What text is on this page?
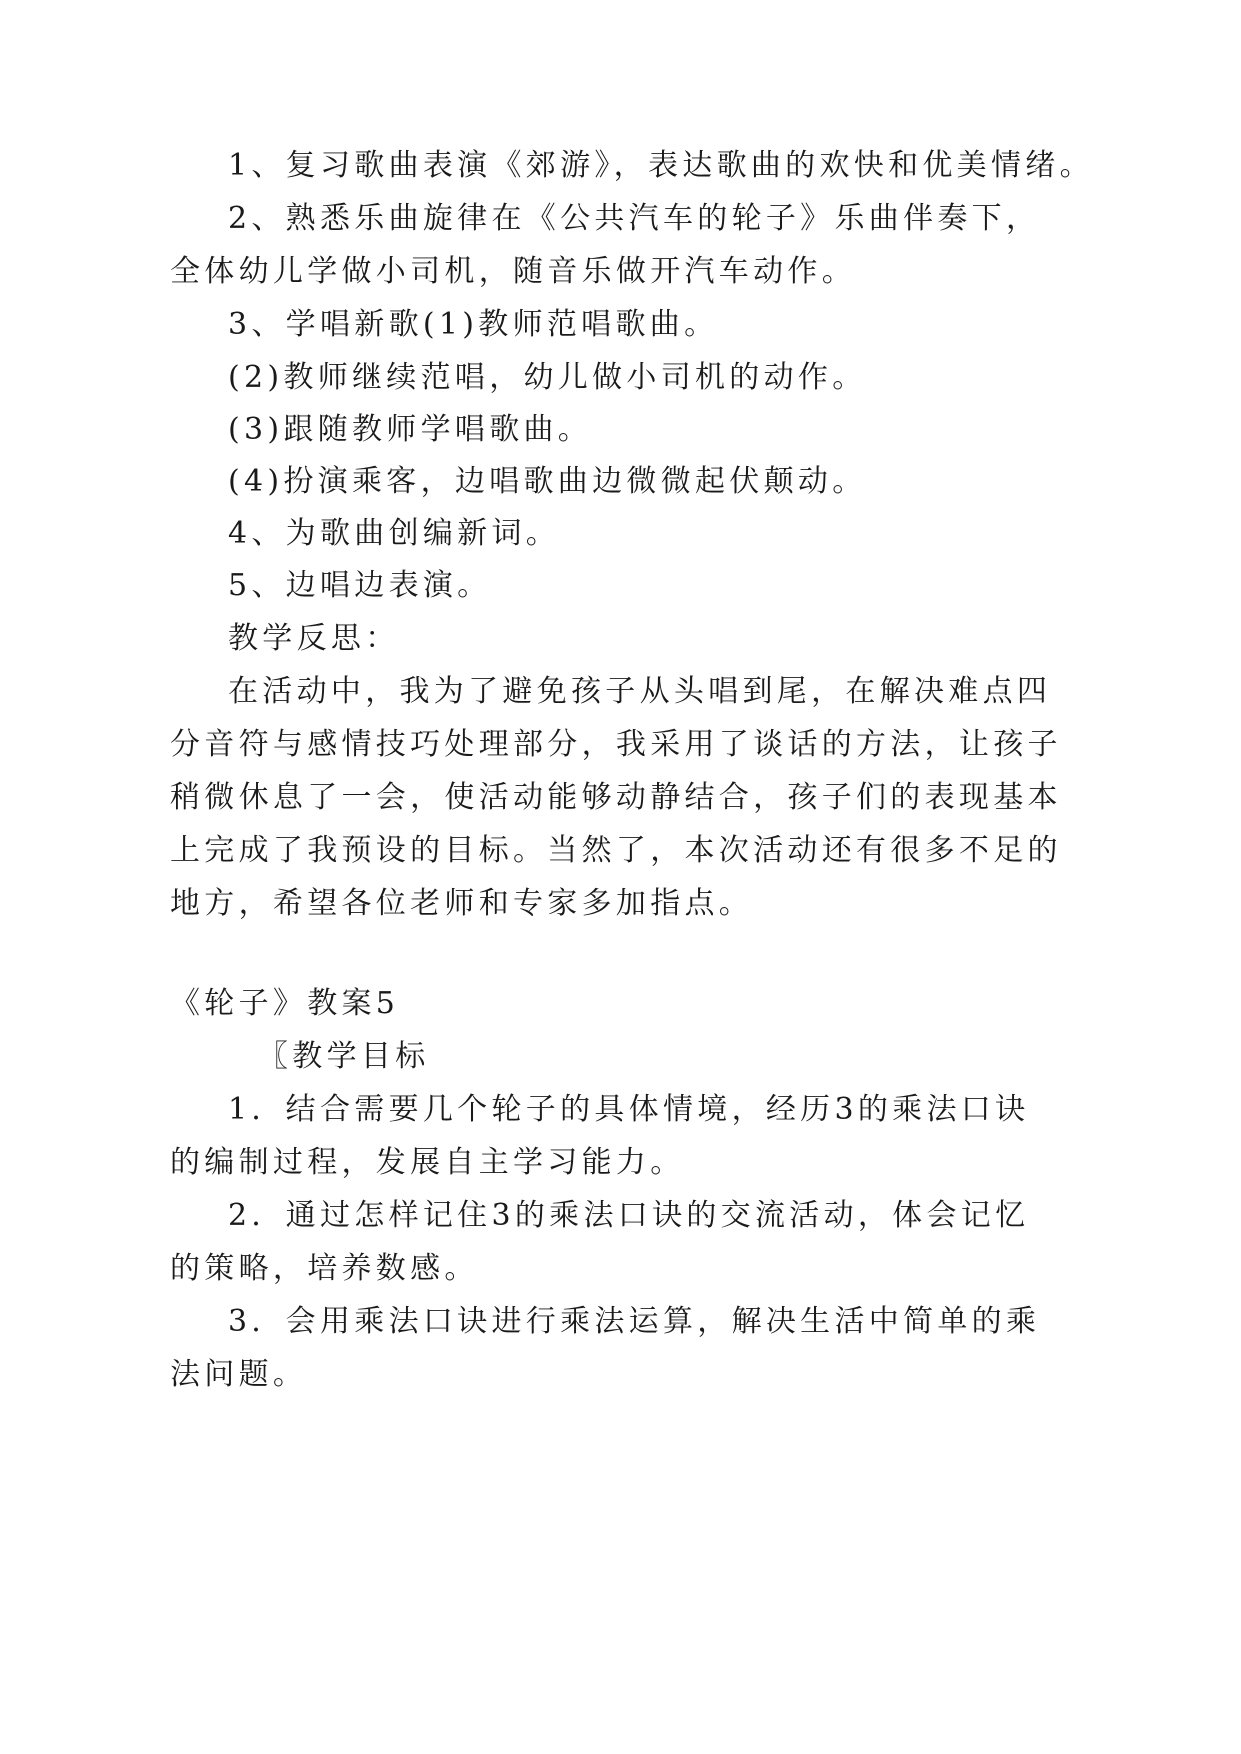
1、复习歌曲表演《郊游》，表达歌曲的欢快和优美情绪。
2、熟悉乐曲旋律在《公共汽车的轮子》乐曲伴奏下，
全体幼儿学做小司机，随音乐做开汽车动作。
3、学唱新歌(1)教师范唱歌曲。
(2)教师继续范唱，幼儿做小司机的动作。
(3)跟随教师学唱歌曲。
(4)扮演乘客，边唱歌曲边微微起伏颠动。
4、为歌曲创编新词。
5、边唱边表演。
教学反思：
在活动中，我为了避免孩子从头唱到尾，在解决难点四
分音符与感情技巧处理部分，我采用了谈话的方法，让孩子
稍微休息了一会，使活动能够动静结合，孩子们的表现基本
上完成了我预设的目标。当然了，本次活动还有很多不足的
地方，希望各位老师和专家多加指点。
《轮子》教案5
〖教学目标
1．结合需要几个轮子的具体情境，经历3的乘法口诀
的编制过程，发展自主学习能力。
2．通过怎样记住3的乘法口诀的交流活动，体会记忆
的策略，培养数感。
3．会用乘法口诀进行乘法运算，解决生活中简单的乘
法问题。
